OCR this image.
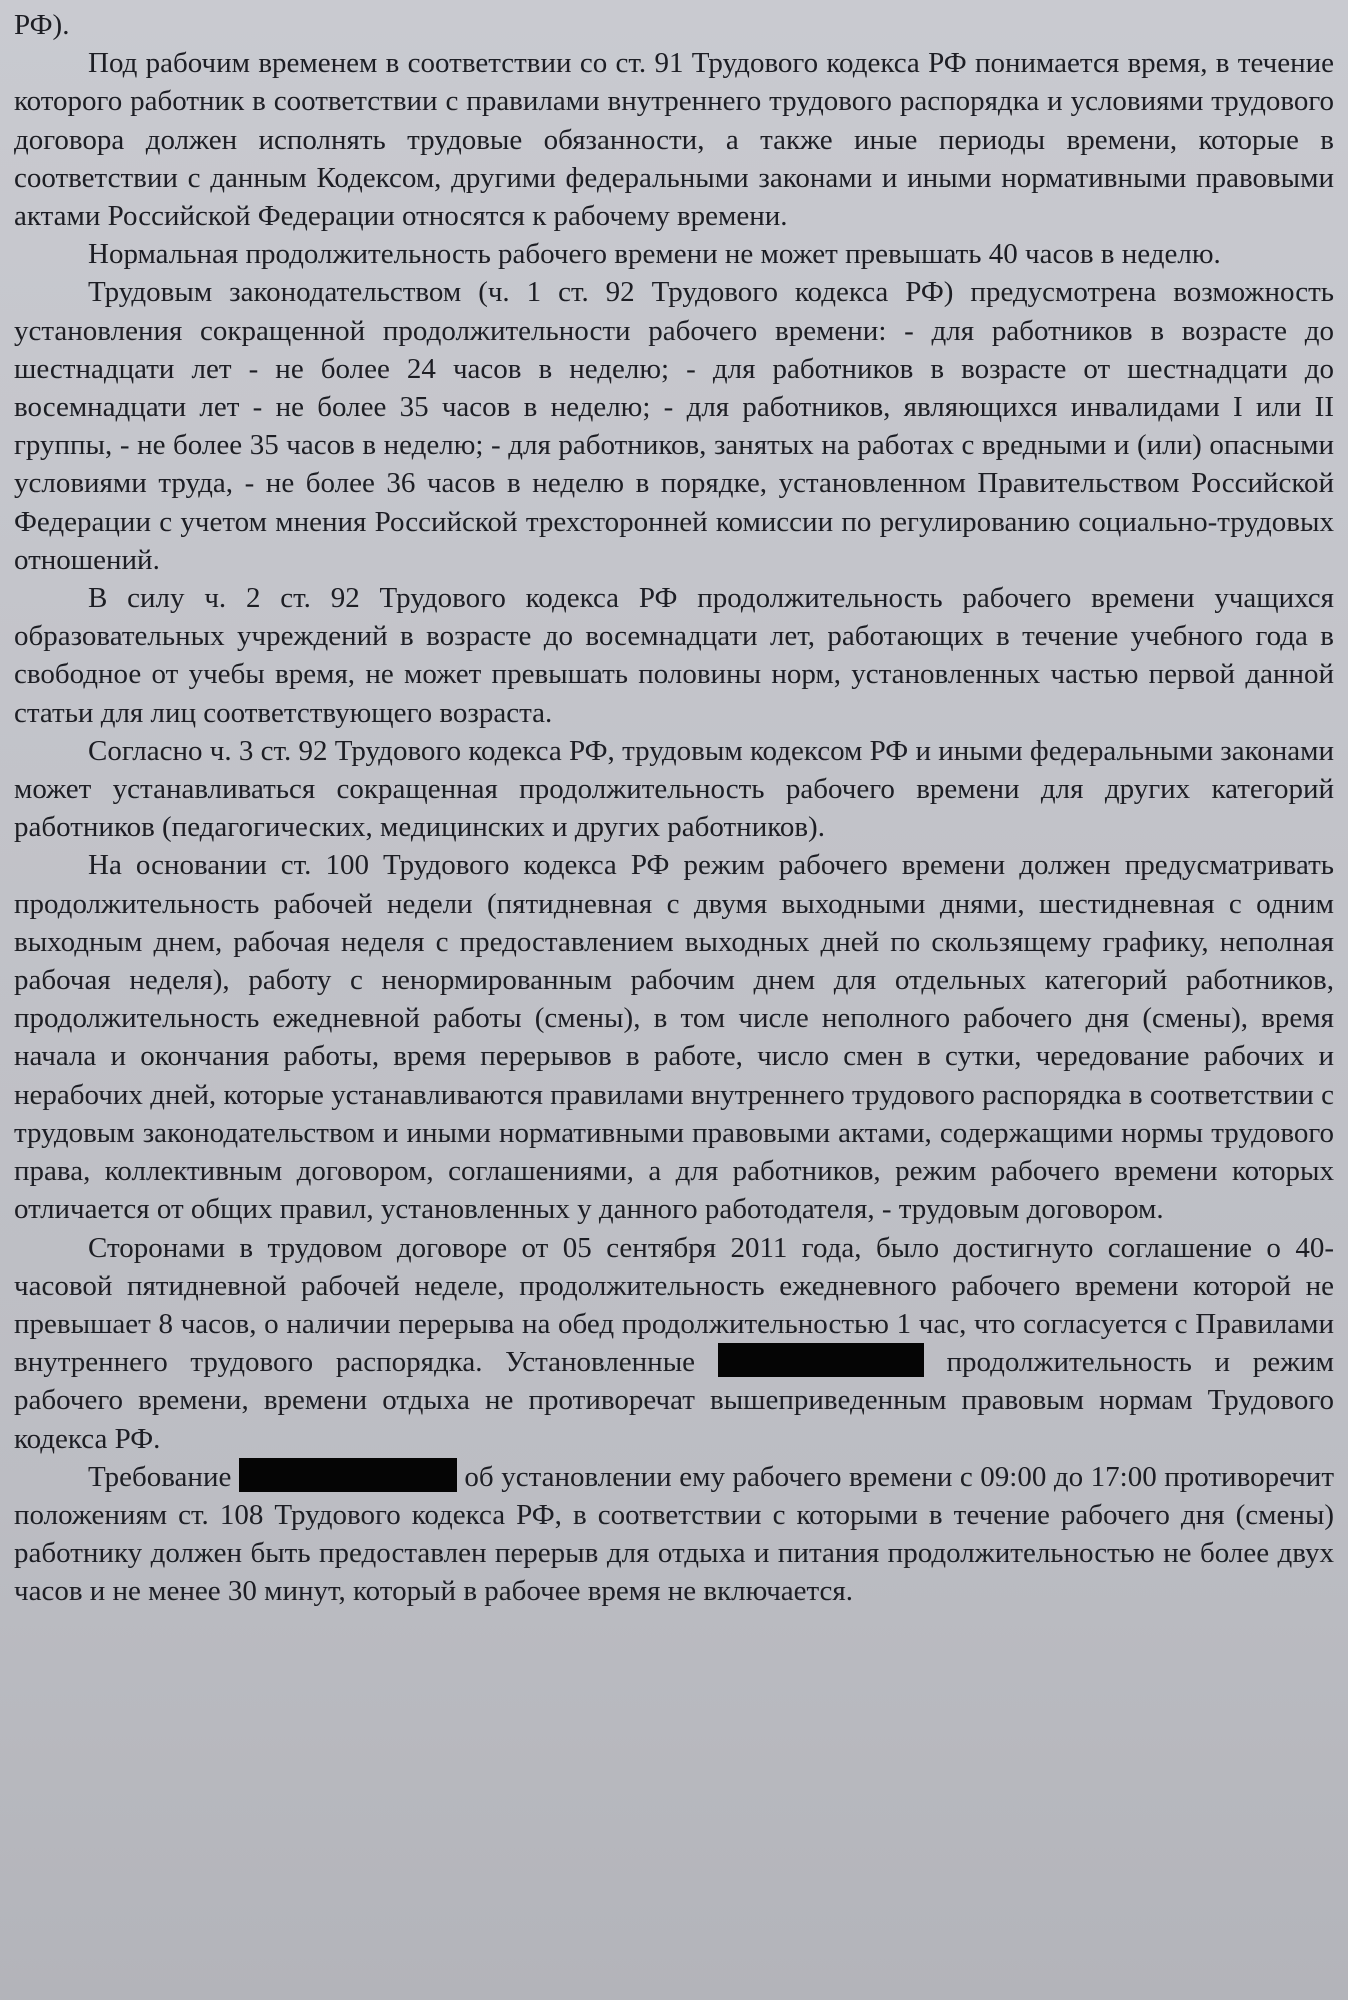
РФ).

Под рабочим временем в соответствии со ст. 91 Трудового кодекса РФ понимается время, в течение которого работник в соответствии с правилами внутреннего трудового распорядка и условиями трудового договора должен исполнять трудовые обязанности, а также иные периоды времени, которые в соответствии с данным Кодексом, другими федеральными законами и иными нормативными правовыми актами Российской Федерации относятся к рабочему времени.

Нормальная продолжительность рабочего времени не может превышать 40 часов в неделю.

Трудовым законодательством (ч. 1 ст. 92 Трудового кодекса РФ) предусмотрена возможность установления сокращенной продолжительности рабочего времени: - для работников в возрасте до шестнадцати лет - не более 24 часов в неделю; - для работников в возрасте от шестнадцати до восемнадцати лет - не более 35 часов в неделю; - для работников, являющихся инвалидами I или II группы, - не более 35 часов в неделю; - для работников, занятых на работах с вредными и (или) опасными условиями труда, - не более 36 часов в неделю в порядке, установленном Правительством Российской Федерации с учетом мнения Российской трехсторонней комиссии по регулированию социально-трудовых отношений.

В силу ч. 2 ст. 92 Трудового кодекса РФ продолжительность рабочего времени учащихся образовательных учреждений в возрасте до восемнадцати лет, работающих в течение учебного года в свободное от учебы время, не может превышать половины норм, установленных частью первой данной статьи для лиц соответствующего возраста.

Согласно ч. 3 ст. 92 Трудового кодекса РФ, трудовым кодексом РФ и иными федеральными законами может устанавливаться сокращенная продолжительность рабочего времени для других категорий работников (педагогических, медицинских и других работников).

На основании ст. 100 Трудового кодекса РФ режим рабочего времени должен предусматривать продолжительность рабочей недели (пятидневная с двумя выходными днями, шестидневная с одним выходным днем, рабочая неделя с предоставлением выходных дней по скользящему графику, неполная рабочая неделя), работу с ненормированным рабочим днем для отдельных категорий работников, продолжительность ежедневной работы (смены), в том числе неполного рабочего дня (смены), время начала и окончания работы, время перерывов в работе, число смен в сутки, чередование рабочих и нерабочих дней, которые устанавливаются правилами внутреннего трудового распорядка в соответствии с трудовым законодательством и иными нормативными правовыми актами, содержащими нормы трудового права, коллективным договором, соглашениями, а для работников, режим рабочего времени которых отличается от общих правил, установленных у данного работодателя, - трудовым договором.

Сторонами в трудовом договоре от 05 сентября 2011 года, было достигнуто соглашение о 40-часовой пятидневной рабочей неделе, продолжительность ежедневного рабочего времени которой не превышает 8 часов, о наличии перерыва на обед продолжительностью 1 час, что согласуется с Правилами внутреннего трудового распорядка. Установленные	продолжительность и режим рабочего времени, времени отдыха не противоречат вышеприведенным правовым нормам Трудового кодекса РФ.

Требование	об установлении ему рабочего времени с 09:00 до 17:00 противоречит положениям ст. 108 Трудового кодекса РФ, в соответствии с которыми в течение рабочего дня (смены) работнику должен быть предоставлен перерыв для отдыха и питания продолжительностью не более двух часов и не менее 30 минут, который в рабочее время не включается.
